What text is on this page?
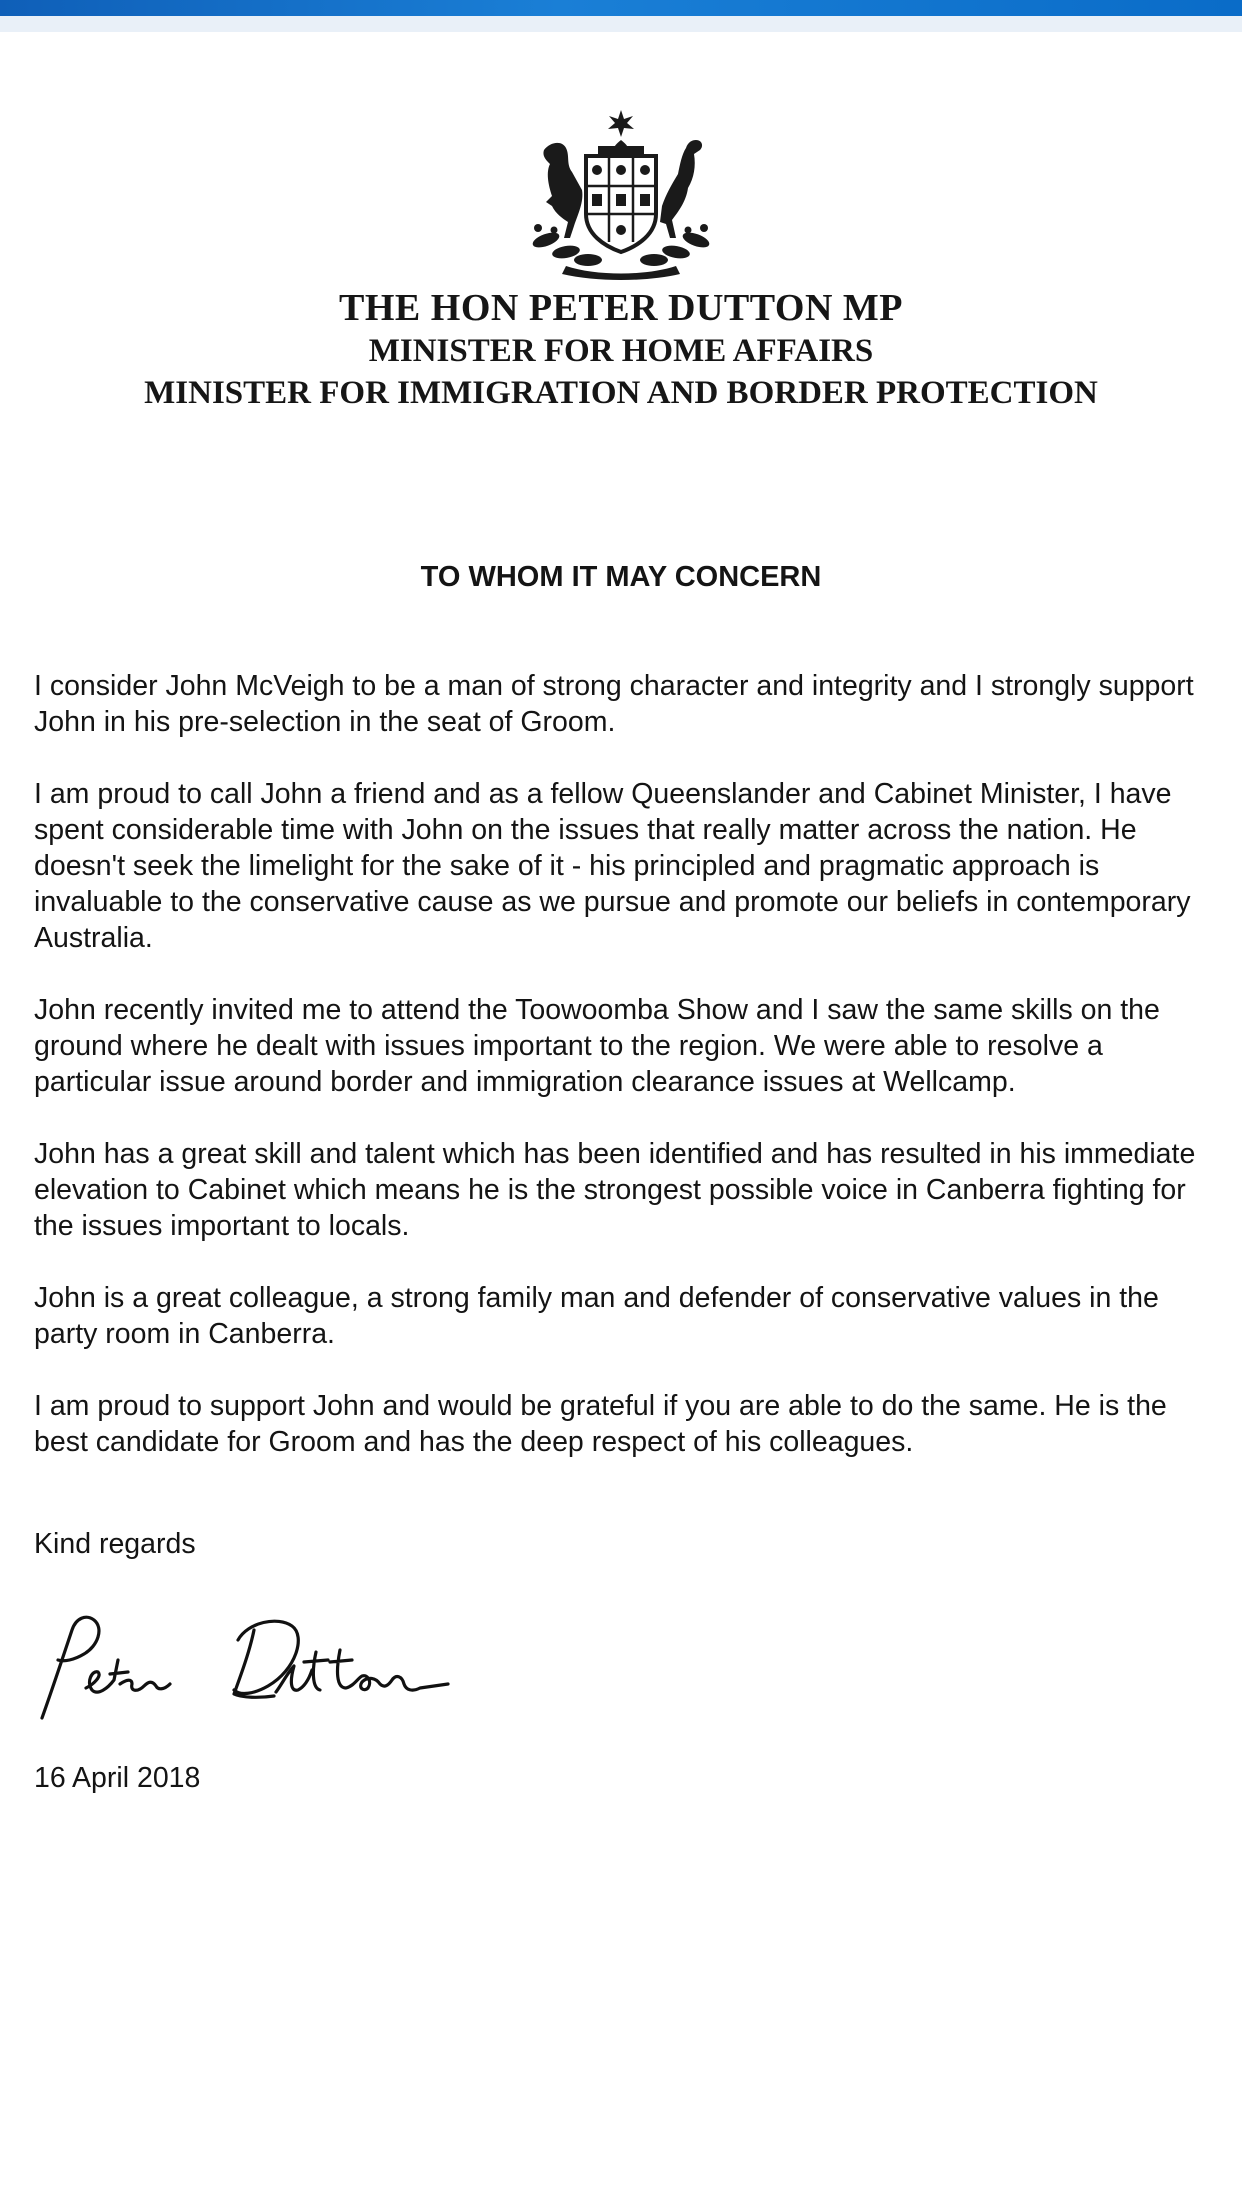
THE HON PETER DUTTON MP
MINISTER FOR HOME AFFAIRS
MINISTER FOR IMMIGRATION AND BORDER PROTECTION
TO WHOM IT MAY CONCERN

I consider John McVeigh to be a man of strong character and integrity and I strongly support John in his pre-selection in the seat of Groom.

I am proud to call John a friend and as a fellow Queenslander and Cabinet Minister, I have spent considerable time with John on the issues that really matter across the nation. He doesn't seek the limelight for the sake of it - his principled and pragmatic approach is invaluable to the conservative cause as we pursue and promote our beliefs in contemporary Australia.

John recently invited me to attend the Toowoomba Show and I saw the same skills on the ground where he dealt with issues important to the region. We were able to resolve a particular issue around border and immigration clearance issues at Wellcamp.

John has a great skill and talent which has been identified and has resulted in his immediate elevation to Cabinet which means he is the strongest possible voice in Canberra fighting for the issues important to locals.

John is a great colleague, a strong family man and defender of conservative values in the party room in Canberra.

I am proud to support John and would be grateful if you are able to do the same. He is the best candidate for Groom and has the deep respect of his colleagues.

Kind regards
16 April 2018
